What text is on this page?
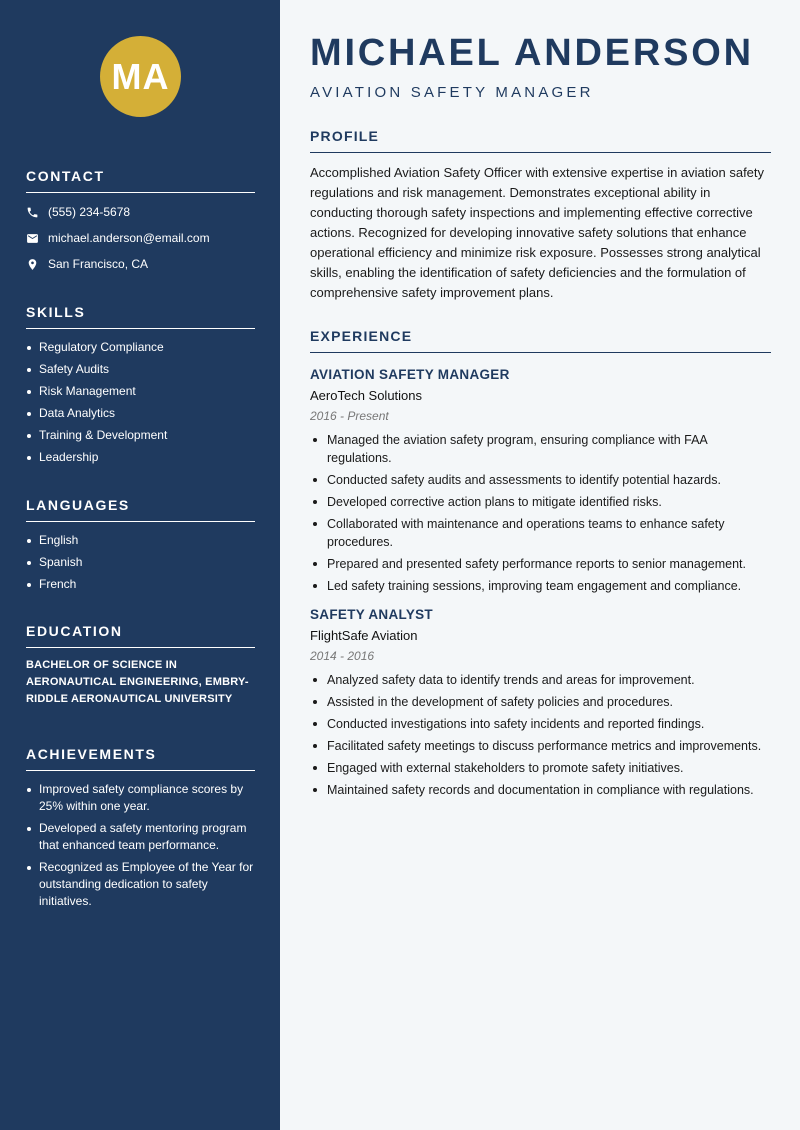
MA
CONTACT
(555) 234-5678
michael.anderson@email.com
San Francisco, CA
SKILLS
Regulatory Compliance
Safety Audits
Risk Management
Data Analytics
Training & Development
Leadership
LANGUAGES
English
Spanish
French
EDUCATION

BACHELOR OF SCIENCE IN AERONAUTICAL ENGINEERING, EMBRY-RIDDLE AERONAUTICAL UNIVERSITY

ACHIEVEMENTS
Improved safety compliance scores by 25% within one year.
Developed a safety mentoring program that enhanced team performance.
Recognized as Employee of the Year for outstanding dedication to safety initiatives.
MICHAEL ANDERSON
AVIATION SAFETY MANAGER
PROFILE

Accomplished Aviation Safety Officer with extensive expertise in aviation safety regulations and risk management. Demonstrates exceptional ability in conducting thorough safety inspections and implementing effective corrective actions. Recognized for developing innovative safety solutions that enhance operational efficiency and minimize risk exposure. Possesses strong analytical skills, enabling the identification of safety deficiencies and the formulation of comprehensive safety improvement plans.

EXPERIENCE
AVIATION SAFETY MANAGER
AeroTech Solutions
2016 - Present
Managed the aviation safety program, ensuring compliance with FAA regulations.
Conducted safety audits and assessments to identify potential hazards.
Developed corrective action plans to mitigate identified risks.
Collaborated with maintenance and operations teams to enhance safety procedures.
Prepared and presented safety performance reports to senior management.
Led safety training sessions, improving team engagement and compliance.
SAFETY ANALYST
FlightSafe Aviation
2014 - 2016
Analyzed safety data to identify trends and areas for improvement.
Assisted in the development of safety policies and procedures.
Conducted investigations into safety incidents and reported findings.
Facilitated safety meetings to discuss performance metrics and improvements.
Engaged with external stakeholders to promote safety initiatives.
Maintained safety records and documentation in compliance with regulations.
